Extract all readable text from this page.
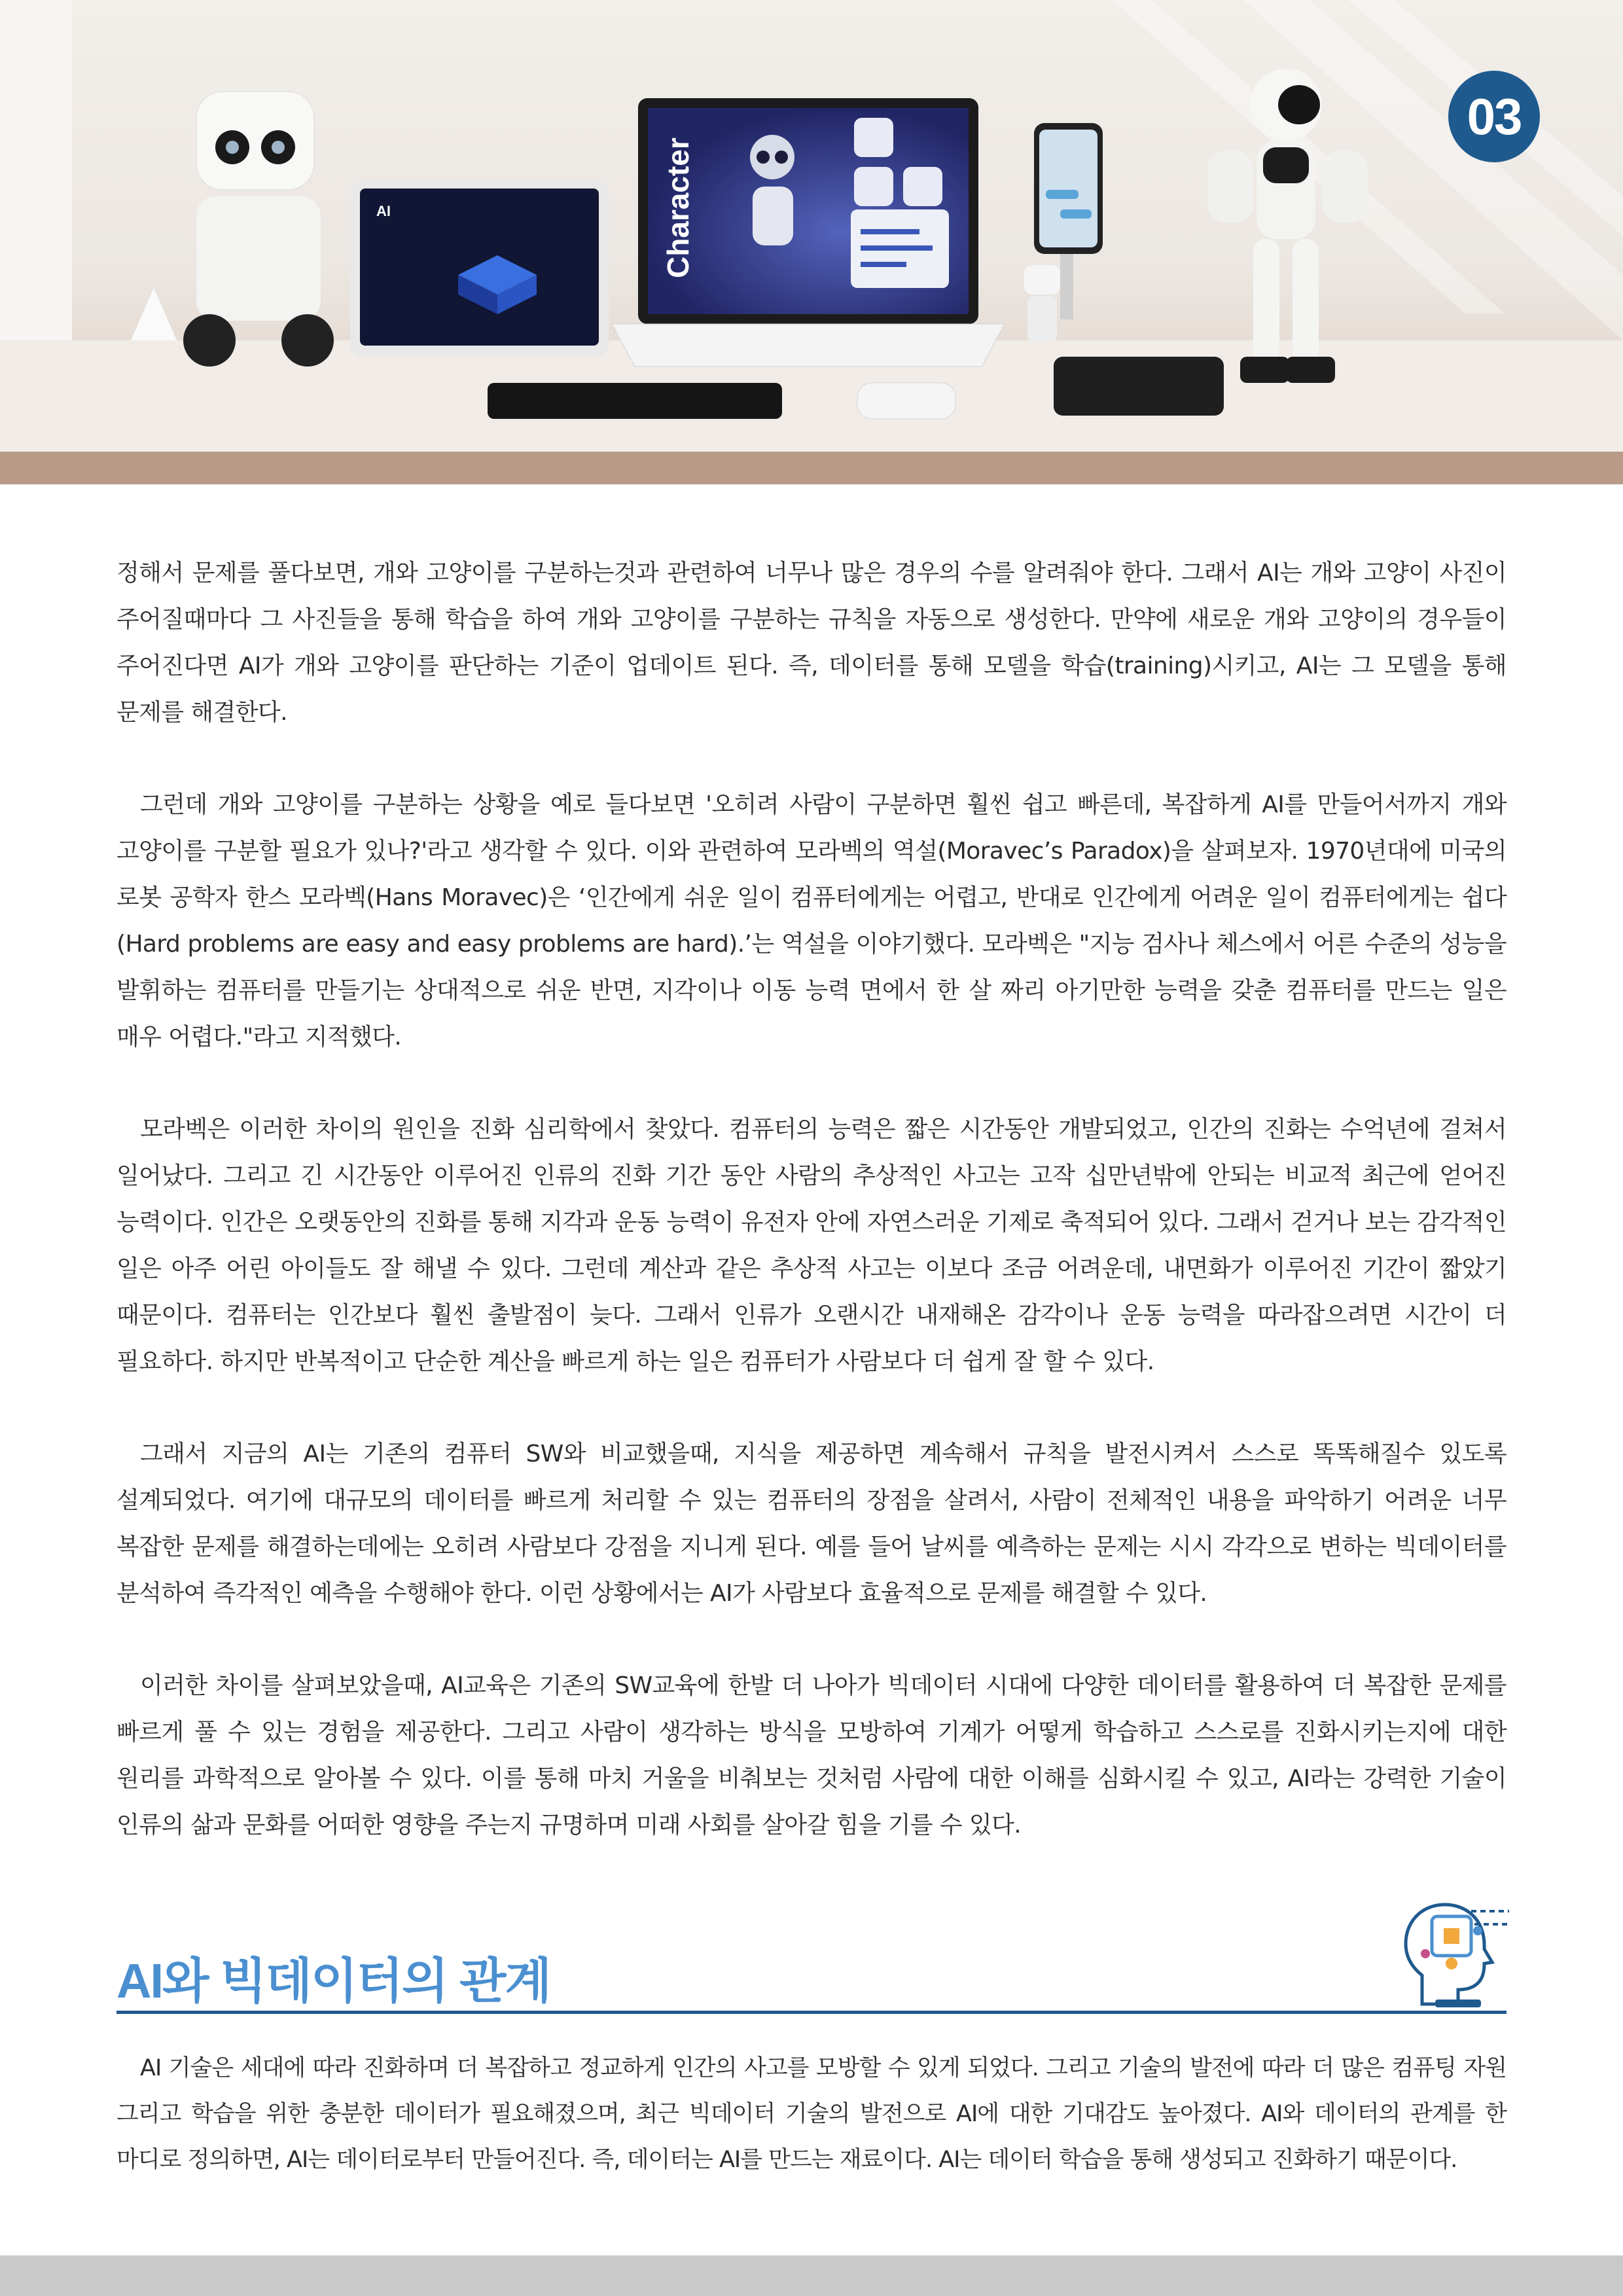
AI	Character
03

정해서 문제를 풀다보면, 개와 고양이를 구분하는것과 관련하여 너무나 많은 경우의 수를 알려줘야 한다. 그래서 AI는 개와 고양이 사진이 주어질때마다 그 사진들을 통해 학습을 하여 개와 고양이를 구분하는 규칙을 자동으로 생성한다. 만약에 새로운 개와 고양이의 경우들이 주어진다면 AI가 개와 고양이를 판단하는 기준이 업데이트 된다. 즉, 데이터를 통해 모델을 학습(training)시키고, AI는 그 모델을 통해 문제를 해결한다.

그런데 개와 고양이를 구분하는 상황을 예로 들다보면 '오히려 사람이 구분하면 훨씬 쉽고 빠른데, 복잡하게 AI를 만들어서까지 개와 고양이를 구분할 필요가 있나?'라고 생각할 수 있다. 이와 관련하여 모라벡의 역설(Moravec’s Paradox)을 살펴보자. 1970년대에 미국의 로봇 공학자 한스 모라벡(Hans Moravec)은 ‘인간에게 쉬운 일이 컴퓨터에게는 어렵고, 반대로 인간에게 어려운 일이 컴퓨터에게는 쉽다(Hard problems are easy and easy problems are hard).’는 역설을 이야기했다. 모라벡은 "지능 검사나 체스에서 어른 수준의 성능을 발휘하는 컴퓨터를 만들기는 상대적으로 쉬운 반면, 지각이나 이동 능력 면에서 한 살 짜리 아기만한 능력을 갖춘 컴퓨터를 만드는 일은 매우 어렵다."라고 지적했다.

모라벡은 이러한 차이의 원인을 진화 심리학에서 찾았다. 컴퓨터의 능력은 짧은 시간동안 개발되었고, 인간의 진화는 수억년에 걸쳐서 일어났다. 그리고 긴 시간동안 이루어진 인류의 진화 기간 동안 사람의 추상적인 사고는 고작 십만년밖에 안되는 비교적 최근에 얻어진 능력이다. 인간은 오랫동안의 진화를 통해 지각과 운동 능력이 유전자 안에 자연스러운 기제로 축적되어 있다. 그래서 걷거나 보는 감각적인 일은 아주 어린 아이들도 잘 해낼 수 있다. 그런데 계산과 같은 추상적 사고는 이보다 조금 어려운데, 내면화가 이루어진 기간이 짧았기 때문이다. 컴퓨터는 인간보다 훨씬 출발점이 늦다. 그래서 인류가 오랜시간 내재해온 감각이나 운동 능력을 따라잡으려면 시간이 더 필요하다. 하지만 반복적이고 단순한 계산을 빠르게 하는 일은 컴퓨터가 사람보다 더 쉽게 잘 할 수 있다.

그래서 지금의 AI는 기존의 컴퓨터 SW와 비교했을때, 지식을 제공하면 계속해서 규칙을 발전시켜서 스스로 똑똑해질수 있도록 설계되었다. 여기에 대규모의 데이터를 빠르게 처리할 수 있는 컴퓨터의 장점을 살려서, 사람이 전체적인 내용을 파악하기 어려운 너무 복잡한 문제를 해결하는데에는 오히려 사람보다 강점을 지니게 된다. 예를 들어 날씨를 예측하는 문제는 시시 각각으로 변하는 빅데이터를 분석하여 즉각적인 예측을 수행해야 한다. 이런 상황에서는 AI가 사람보다 효율적으로 문제를 해결할 수 있다.

이러한 차이를 살펴보았을때, AI교육은 기존의 SW교육에 한발 더 나아가 빅데이터 시대에 다양한 데이터를 활용하여 더 복잡한 문제를 빠르게 풀 수 있는 경험을 제공한다. 그리고 사람이 생각하는 방식을 모방하여 기계가 어떻게 학습하고 스스로를 진화시키는지에 대한 원리를 과학적으로 알아볼 수 있다. 이를 통해 마치 거울을 비춰보는 것처럼 사람에 대한 이해를 심화시킬 수 있고, AI라는 강력한 기술이 인류의 삶과 문화를 어떠한 영향을 주는지 규명하며 미래 사회를 살아갈 힘을 기를 수 있다.

AI와 빅데이터의 관계

AI 기술은 세대에 따라 진화하며 더 복잡하고 정교하게 인간의 사고를 모방할 수 있게 되었다. 그리고 기술의 발전에 따라 더 많은 컴퓨팅 자원 그리고 학습을 위한 충분한 데이터가 필요해졌으며, 최근 빅데이터 기술의 발전으로 AI에 대한 기대감도 높아졌다. AI와 데이터의 관계를 한 마디로 정의하면, AI는 데이터로부터 만들어진다. 즉, 데이터는 AI를 만드는 재료이다. AI는 데이터 학습을 통해 생성되고 진화하기 때문이다.
